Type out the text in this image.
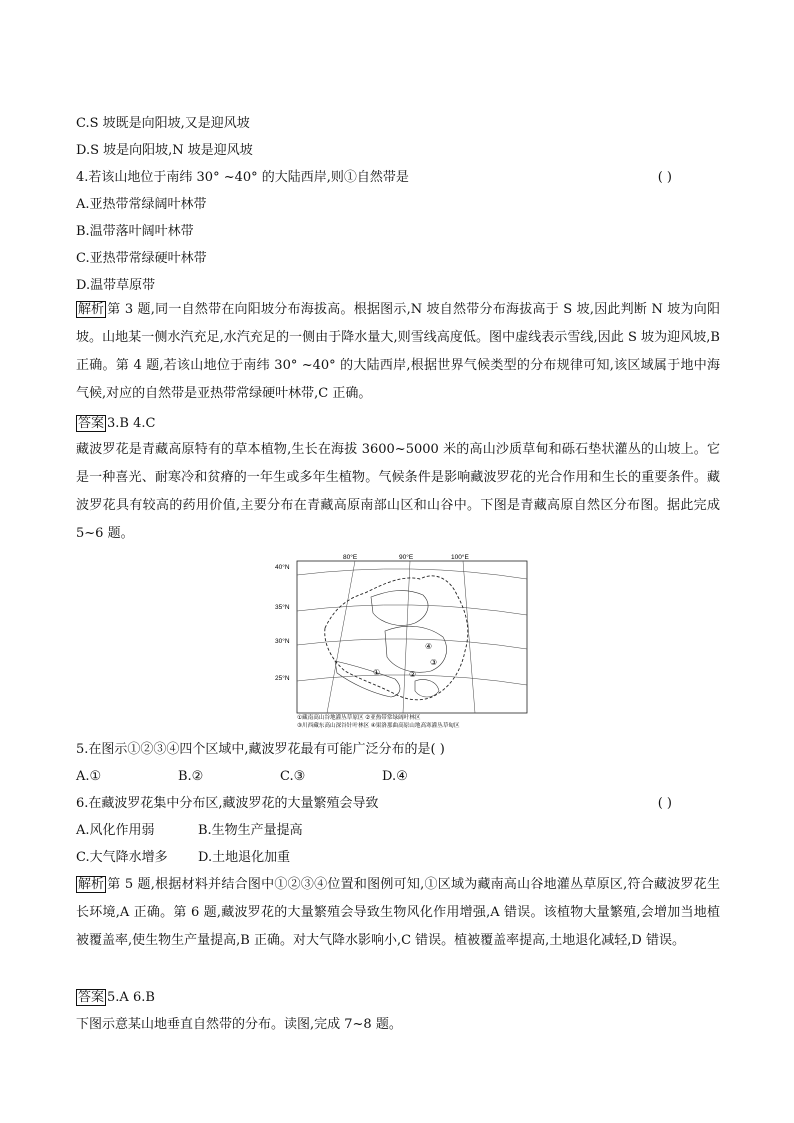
C.S 坡既是向阳坡,又是迎风坡
D.S 坡是向阳坡,N 坡是迎风坡
4.若该山地位于南纬 30° ~40° 的大陆西岸,则①自然带是	( )
A.亚热带常绿阔叶林带
B.温带落叶阔叶林带
C.亚热带常绿硬叶林带
D.温带草原带
解析 第 3 题,同一自然带在向阳坡分布海拔高。根据图示,N 坡自然带分布海拔高于 S 坡,因此判断 N 坡为向阳坡。山地某一侧水汽充足,水汽充足的一侧由于降水量大,则雪线高度低。图中虚线表示雪线,因此 S 坡为迎风坡,B 正确。第 4 题,若该山地位于南纬 30° ~40° 的大陆西岸,根据世界气候类型的分布规律可知,该区域属于地中海气候,对应的自然带是亚热带常绿硬叶林带,C 正确。
答案 3.B 4.C
藏波罗花是青藏高原特有的草本植物,生长在海拔 3600~5000 米的高山沙质草甸和砾石垫状灌丛的山坡上。它是一种喜光、耐寒冷和贫瘠的一年生或多年生植物。气候条件是影响藏波罗花的光合作用和生长的重要条件。藏波罗花具有较高的药用价值,主要分布在青藏高原南部山区和山谷中。下图是青藏高原自然区分布图。据此完成 5~6 题。
80°E	90°E	100°E
40°N
35°N
30°N
25°N
①	②
③
④
①藏南高山谷地灌丛草原区 ②亚热带常绿阔叶林区
③川西藏东高山深谷针叶林区 ④果洛那曲高原山地高寒灌丛草甸区
5.在图示①②③④四个区域中,藏波罗花最有可能广泛分布的是( )
A.①	B.②	C.③	D.④
6.在藏波罗花集中分布区,藏波罗花的大量繁殖会导致	( )
A.风化作用弱	B.生物生产量提高
C.大气降水增多 D.土地退化加重
解析 第 5 题,根据材料并结合图中①②③④位置和图例可知,①区域为藏南高山谷地灌丛草原区,符合藏波罗花生长环境,A 正确。第 6 题,藏波罗花的大量繁殖会导致生物风化作用增强,A 错误。该植物大量繁殖,会增加当地植被覆盖率,使生物生产量提高,B 正确。对大气降水影响小,C 错误。植被覆盖率提高,土地退化减轻,D 错误。
答案 5.A 6.B
下图示意某山地垂直自然带的分布。读图,完成 7~8 题。
